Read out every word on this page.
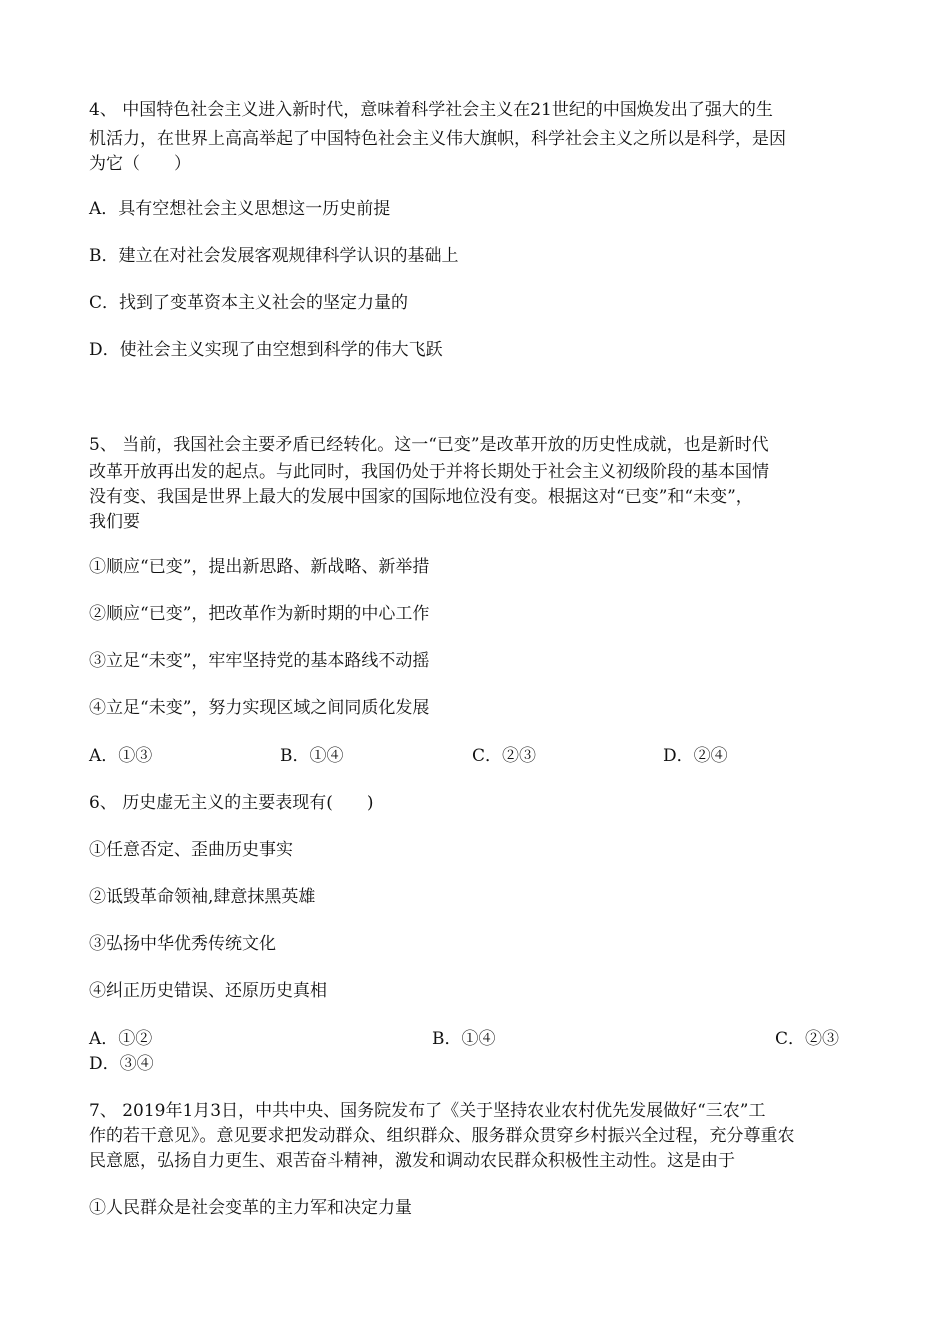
4、 中国特色社会主义进入新时代，意味着科学社会主义在21世纪的中国焕发出了强大的生
机活力，在世界上高高举起了中国特色社会主义伟大旗帜，科学社会主义之所以是科学，是因
为它（　　）
A．具有空想社会主义思想这一历史前提
B．建立在对社会发展客观规律科学认识的基础上
C．找到了变革资本主义社会的坚定力量的
D．使社会主义实现了由空想到科学的伟大飞跃
5、 当前，我国社会主要矛盾已经转化。这一“已变”是改革开放的历史性成就，也是新时代
改革开放再出发的起点。与此同时，我国仍处于并将长期处于社会主义初级阶段的基本国情
没有变、我国是世界上最大的发展中国家的国际地位没有变。根据这对“已变”和“未变”，
我们要
①顺应“已变”，提出新思路、新战略、新举措
②顺应“已变”，把改革作为新时期的中心工作
③立足“未变”，牢牢坚持党的基本路线不动摇
④立足“未变”，努力实现区域之间同质化发展
A．①③	B．①④	C．②③	D．②④
6、 历史虚无主义的主要表现有(　　)
①任意否定、歪曲历史事实
②诋毁革命领袖,肆意抹黑英雄
③弘扬中华优秀传统文化
④纠正历史错误、还原历史真相
A．①②	B．①④	C．②③
D．③④
7、 2019年1月3日，中共中央、国务院发布了《关于坚持农业农村优先发展做好“三农”工
作的若干意见》。意见要求把发动群众、组织群众、服务群众贯穿乡村振兴全过程，充分尊重农
民意愿，弘扬自力更生、艰苦奋斗精神，激发和调动农民群众积极性主动性。这是由于
①人民群众是社会变革的主力军和决定力量
